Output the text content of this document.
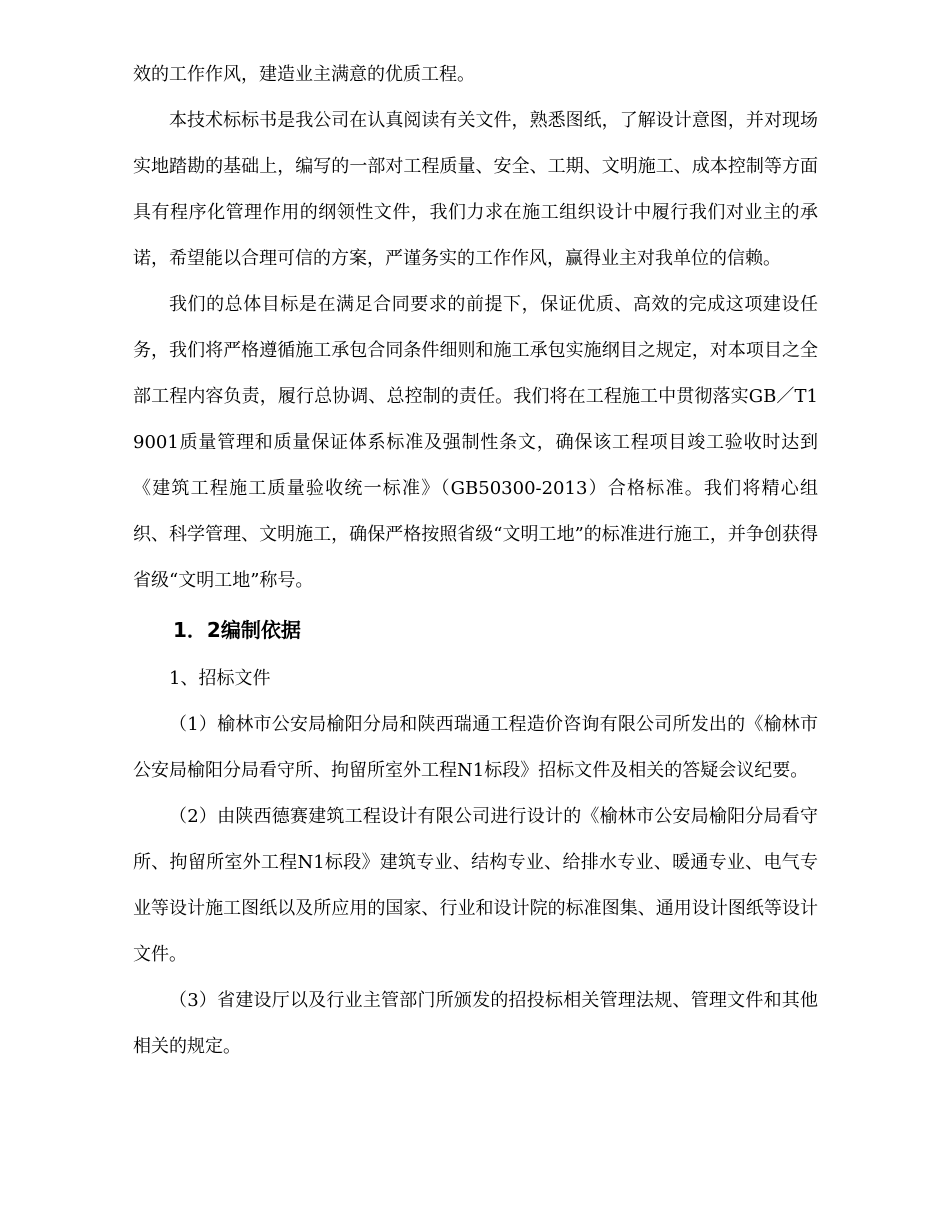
效的工作作风，建造业主满意的优质工程。

本技术标标书是我公司在认真阅读有关文件，熟悉图纸，了解设计意图，并对现场实地踏勘的基础上，编写的一部对工程质量、安全、工期、文明施工、成本控制等方面具有程序化管理作用的纲领性文件，我们力求在施工组织设计中履行我们对业主的承诺，希望能以合理可信的方案，严谨务实的工作作风，赢得业主对我单位的信赖。

我们的总体目标是在满足合同要求的前提下，保证优质、高效的完成这项建设任务，我们将严格遵循施工承包合同条件细则和施工承包实施纲目之规定，对本项目之全部工程内容负责，履行总协调、总控制的责任。我们将在工程施工中贯彻落实GB／T19001质量管理和质量保证体系标准及强制性条文，确保该工程项目竣工验收时达到《建筑工程施工质量验收统一标准》（GB50300-2013）合格标准。我们将精心组织、科学管理、文明施工，确保严格按照省级“文明工地”的标准进行施工，并争创获得省级“文明工地”称号。

1．2编制依据

1、招标文件

（1）榆林市公安局榆阳分局和陕西瑞通工程造价咨询有限公司所发出的《榆林市公安局榆阳分局看守所、拘留所室外工程N1标段》招标文件及相关的答疑会议纪要。

（2）由陕西德赛建筑工程设计有限公司进行设计的《榆林市公安局榆阳分局看守所、拘留所室外工程N1标段》建筑专业、结构专业、给排水专业、暖通专业、电气专业等设计施工图纸以及所应用的国家、行业和设计院的标准图集、通用设计图纸等设计文件。

（3）省建设厅以及行业主管部门所颁发的招投标相关管理法规、管理文件和其他相关的规定。
